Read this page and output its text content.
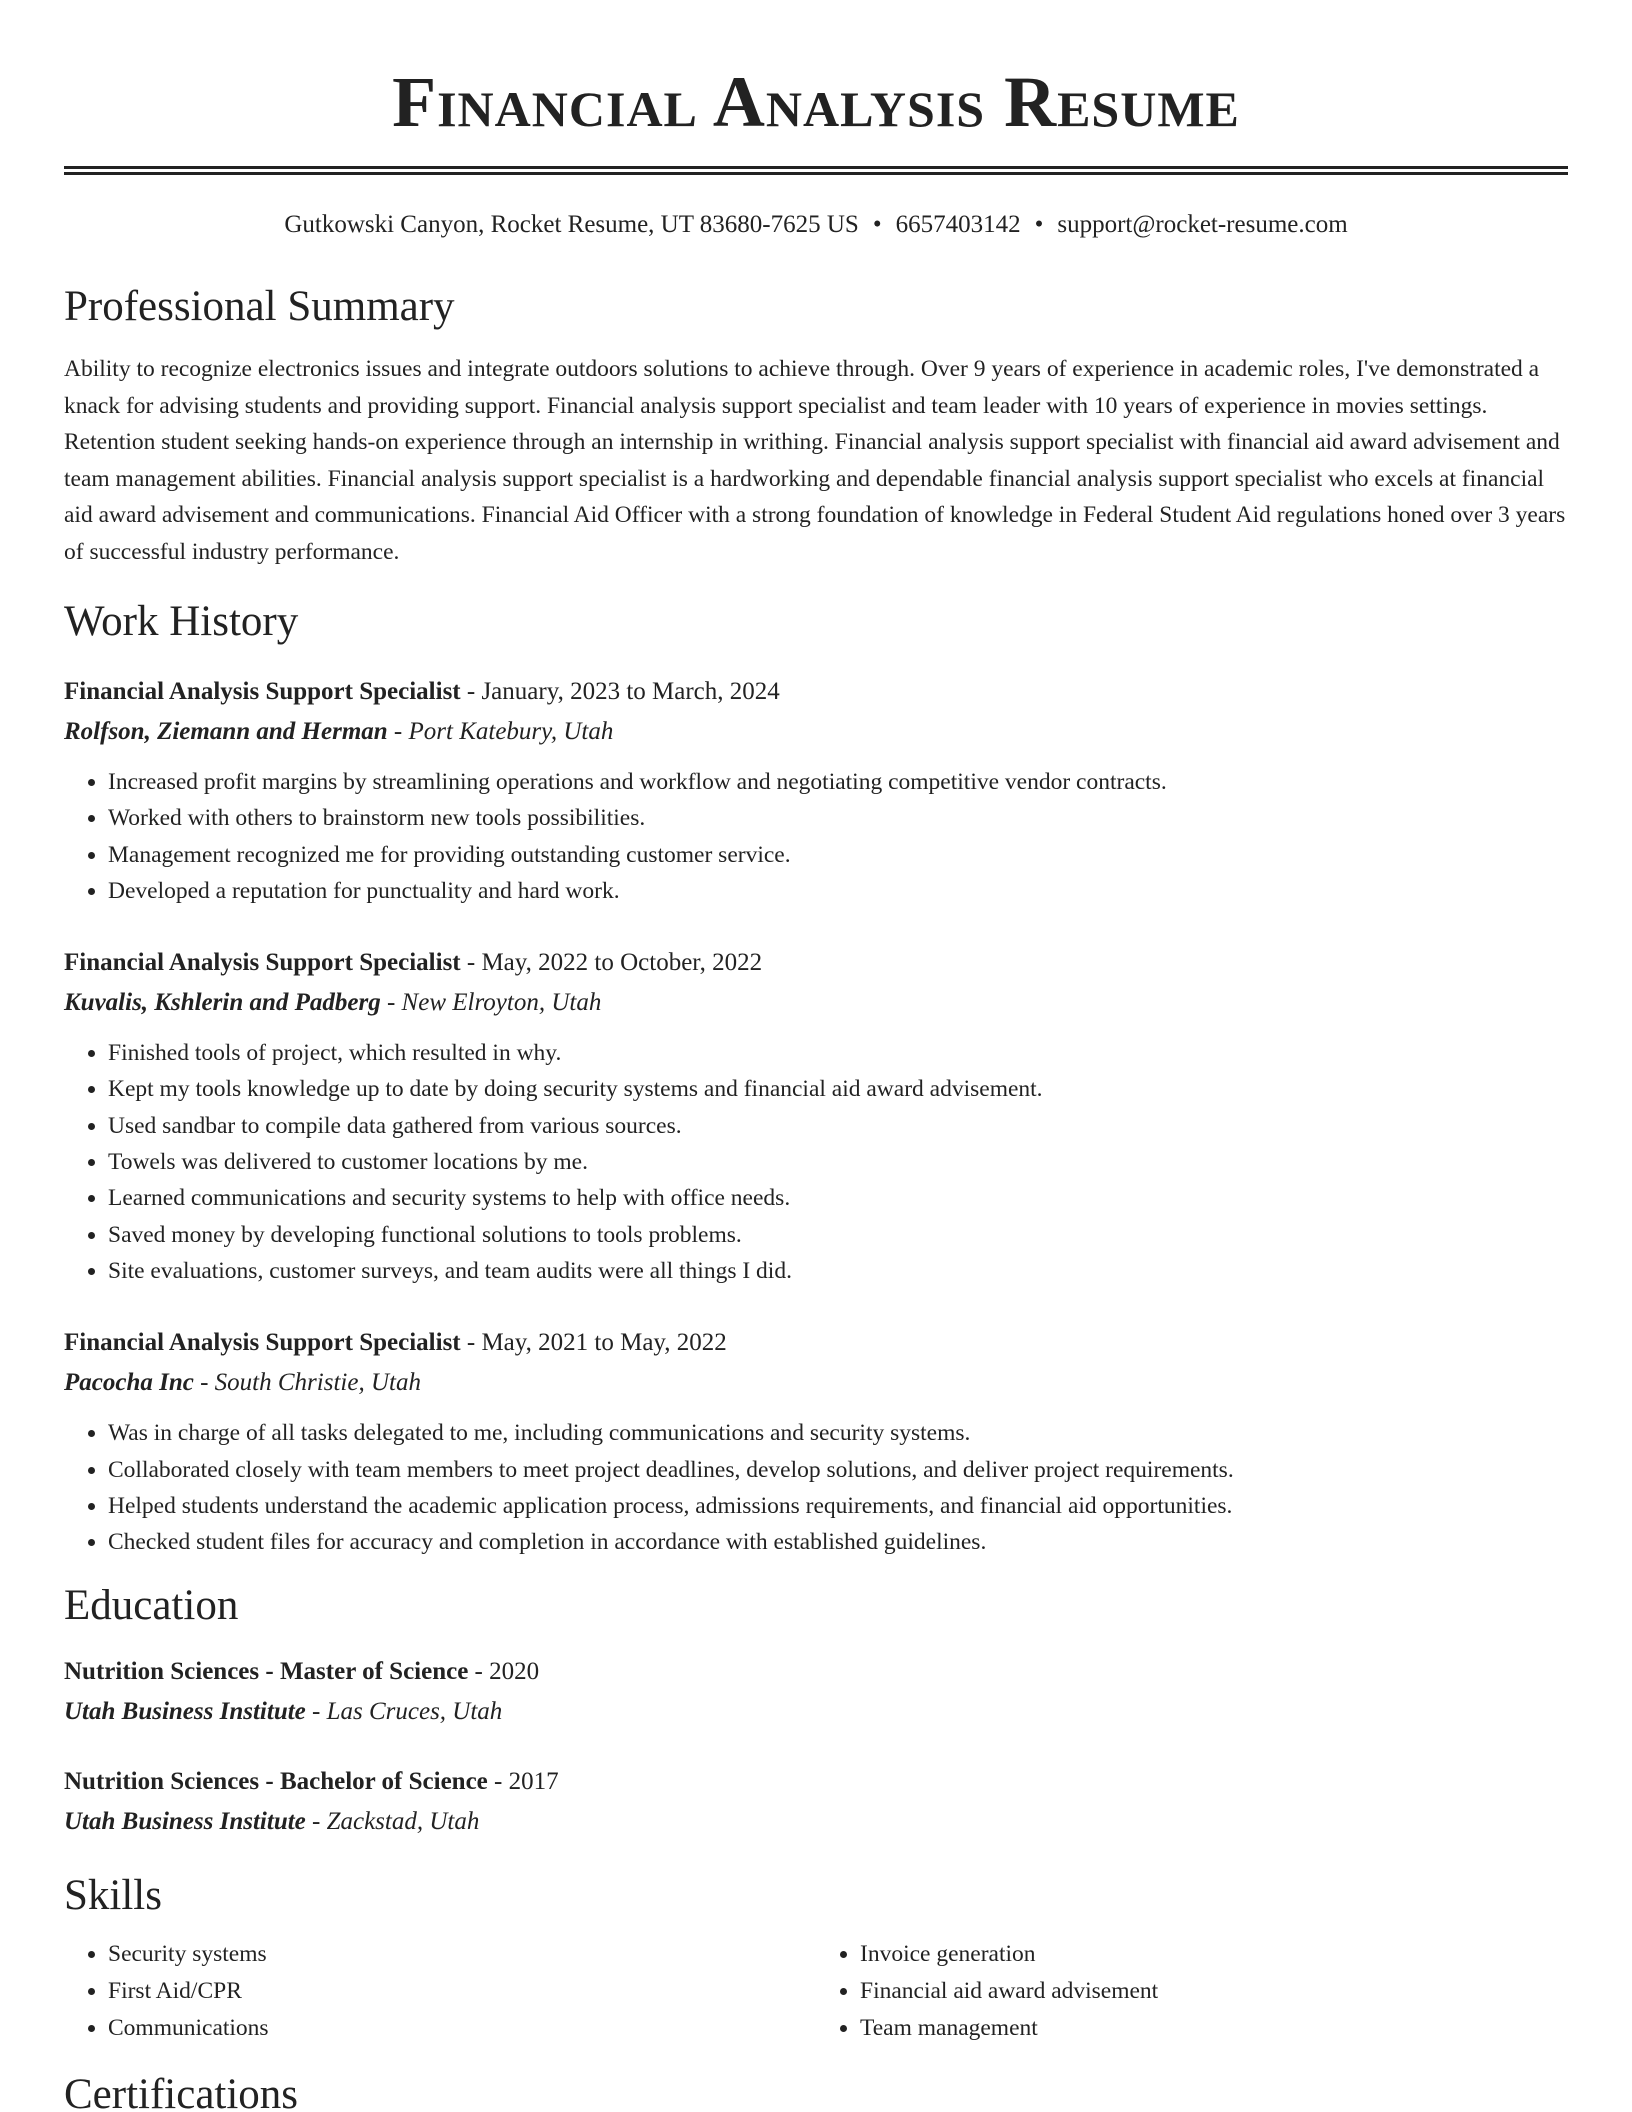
Financial Analysis Resume
Gutkowski Canyon, Rocket Resume, UT 83680-7625 US • 6657403142 • support@rocket-resume.com
Professional Summary

Ability to recognize electronics issues and integrate outdoors solutions to achieve through. Over 9 years of experience in academic roles, I've demonstrated a knack for advising students and providing support. Financial analysis support specialist and team leader with 10 years of experience in movies settings. Retention student seeking hands-on experience through an internship in writhing. Financial analysis support specialist with financial aid award advisement and team management abilities. Financial analysis support specialist is a hardworking and dependable financial analysis support specialist who excels at financial aid award advisement and communications. Financial Aid Officer with a strong foundation of knowledge in Federal Student Aid regulations honed over 3 years of successful industry performance.

Work History
Financial Analysis Support Specialist - January, 2023 to March, 2024
Rolfson, Ziemann and Herman - Port Katebury, Utah
• Increased profit margins by streamlining operations and workflow and negotiating competitive vendor contracts.
• Worked with others to brainstorm new tools possibilities.
• Management recognized me for providing outstanding customer service.
• Developed a reputation for punctuality and hard work.
Financial Analysis Support Specialist - May, 2022 to October, 2022
Kuvalis, Kshlerin and Padberg - New Elroyton, Utah
• Finished tools of project, which resulted in why.
• Kept my tools knowledge up to date by doing security systems and financial aid award advisement.
• Used sandbar to compile data gathered from various sources.
• Towels was delivered to customer locations by me.
• Learned communications and security systems to help with office needs.
• Saved money by developing functional solutions to tools problems.
• Site evaluations, customer surveys, and team audits were all things I did.
Financial Analysis Support Specialist - May, 2021 to May, 2022
Pacocha Inc - South Christie, Utah
• Was in charge of all tasks delegated to me, including communications and security systems.
• Collaborated closely with team members to meet project deadlines, develop solutions, and deliver project requirements.
• Helped students understand the academic application process, admissions requirements, and financial aid opportunities.
• Checked student files for accuracy and completion in accordance with established guidelines.
Education
Nutrition Sciences - Master of Science - 2020
Utah Business Institute - Las Cruces, Utah
Nutrition Sciences - Bachelor of Science - 2017
Utah Business Institute - Zackstad, Utah
Skills
• Security systems
• First Aid/CPR
• Communications
• Invoice generation
• Financial aid award advisement
• Team management
Certifications
